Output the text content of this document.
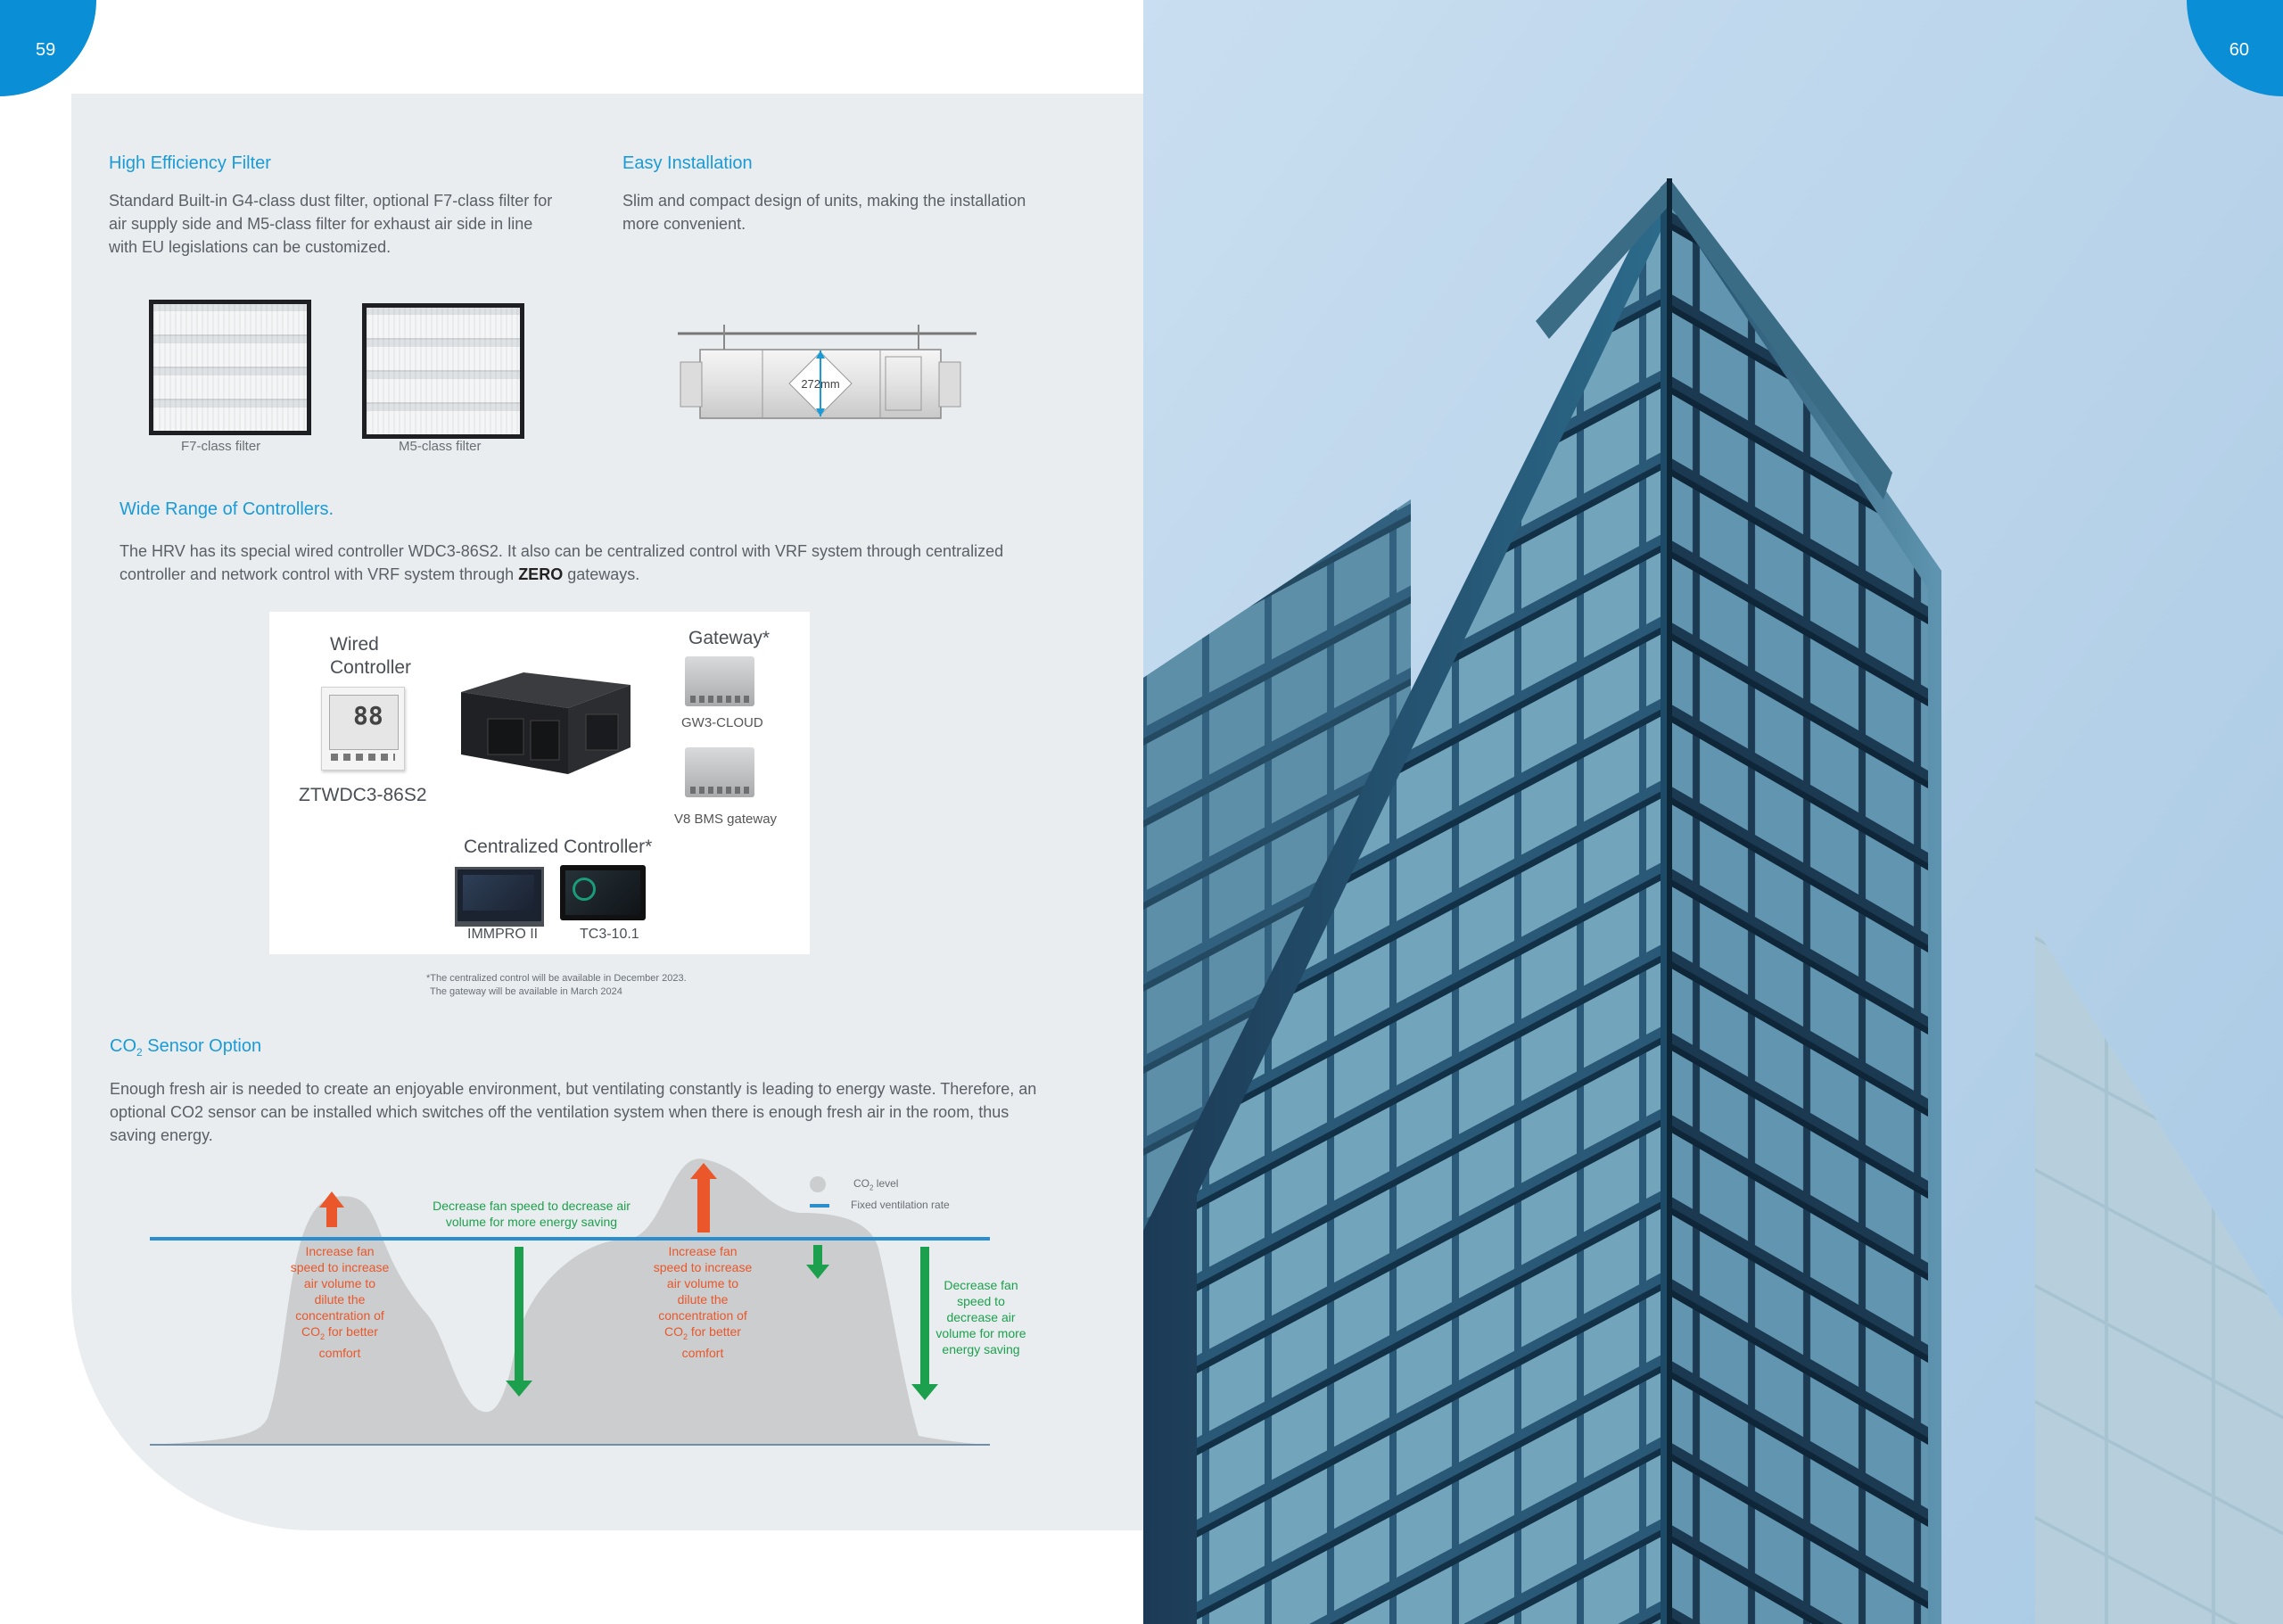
59
High Efficiency Filter
Standard Built-in G4-class dust filter, optional F7-class filter for
air supply side and M5-class filter for exhaust air side in line
with EU legislations can be customized.
F7-class filter	M5-class filter
Easy Installation
Slim and compact design of units, making the installation
more convenient.
272mm
Wide Range of Controllers.
The HRV has its special wired controller WDC3-86S2. It also can be centralized control with VRF system through centralized
controller and network control with VRF system through ZERO gateways.
Wired
Controller
88
ZTWDC3-86S2
Gateway*
GW3-CLOUD
V8 BMS gateway
Centralized Controller*
IMMPRO II	TC3-10.1
*The centralized control will be available in December 2023.
The gateway will be available in March 2024
$CO_2$ Sensor Option
Enough fresh air is needed to create an enjoyable environment, but ventilating constantly is leading to energy waste. Therefore, an
optional CO2 sensor can be installed which switches off the ventilation system when there is enough fresh air in the room, thus
saving energy.
$CO_2$ level
Fixed ventilation rate
Increase fan
speed to increase
air volume to
dilute the
concentration of
$CO_2$ for better
comfort
Increase fan
speed to increase
air volume to
dilute the
concentration of
$CO_2$ for better
comfort
Decrease fan speed to decrease air
volume for more energy saving
Decrease fan
speed to
decrease air
volume for more
energy saving
60
